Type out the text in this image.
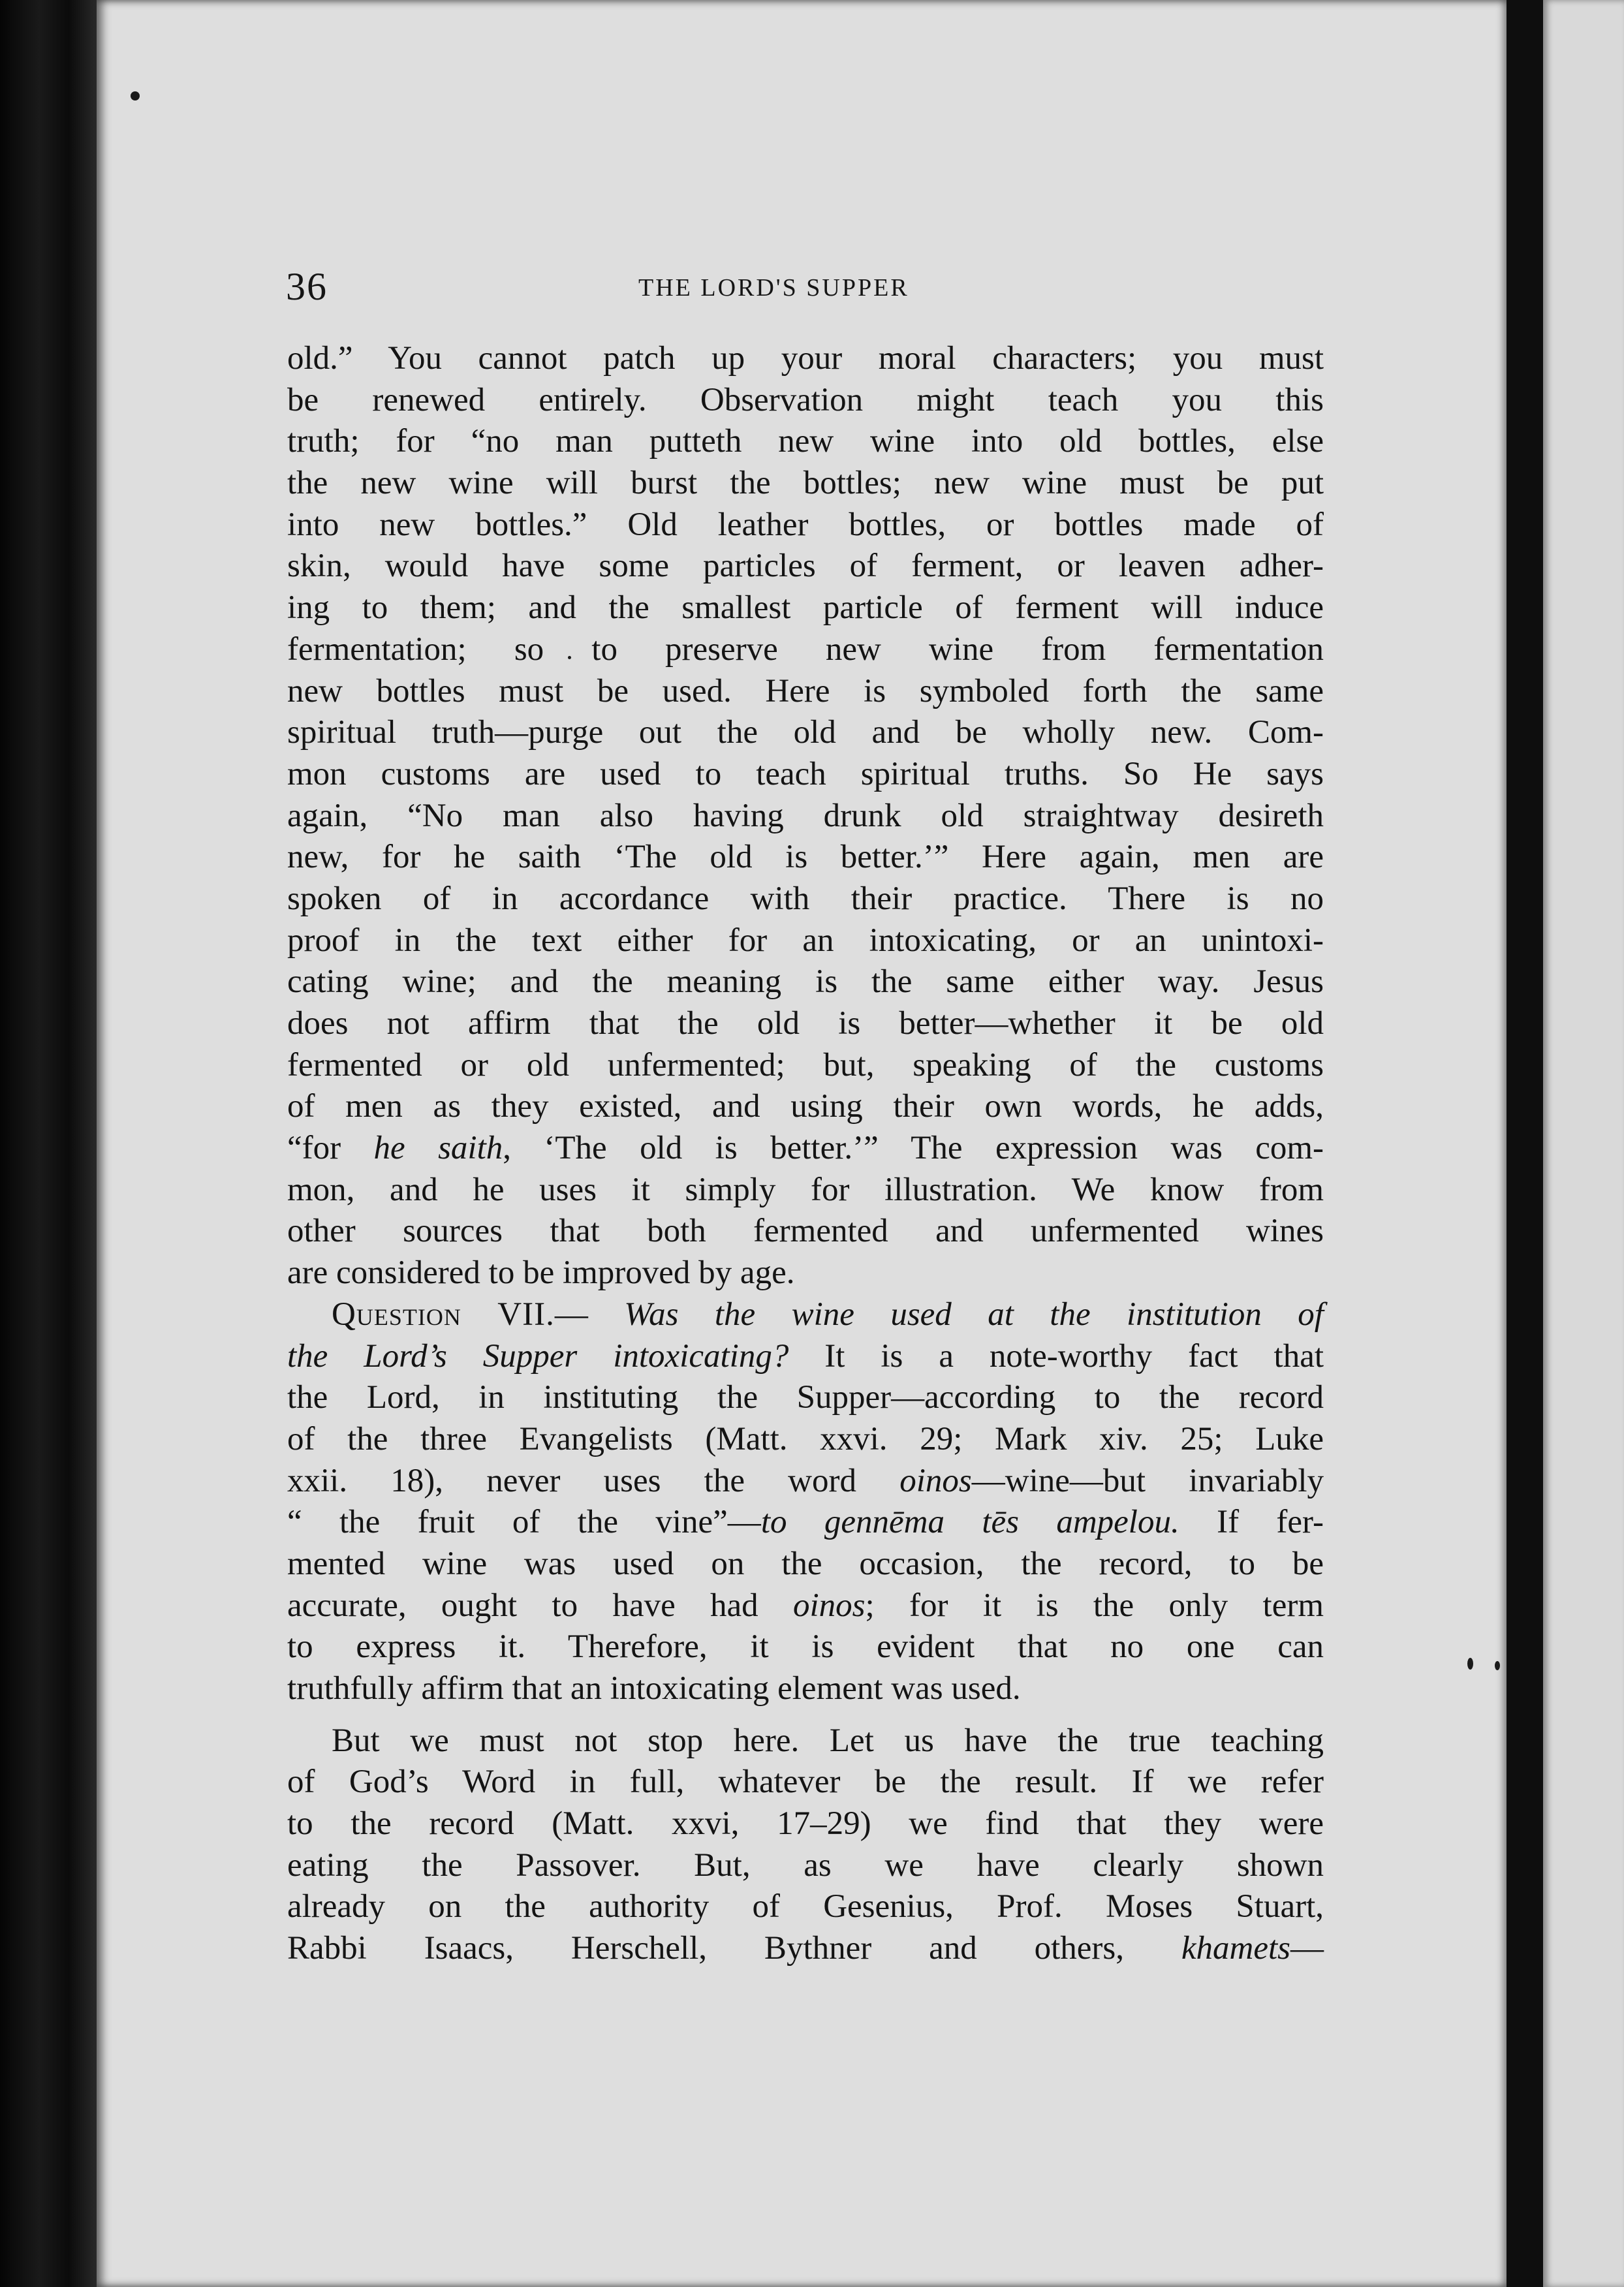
36	THE LORD'S SUPPER
old.” You cannot patch up your moral characters; you must
be renewed entirely. Observation might teach you this
truth; for “no man putteth new wine into old bottles, else
the new wine will burst the bottles; new wine must be put
into new bottles.” Old leather bottles, or bottles made of
skin, would have some particles of ferment, or leaven adher-
ing to them; and the smallest particle of ferment will induce
fermentation; so to preserve new wine from fermentation
new bottles must be used. Here is symboled forth the same
spiritual truth—purge out the old and be wholly new. Com-
mon customs are used to teach spiritual truths. So He says
again, “No man also having drunk old straightway desireth
new, for he saith ‘The old is better.’” Here again, men are
spoken of in accordance with their practice. There is no
proof in the text either for an intoxicating, or an unintoxi-
cating wine; and the meaning is the same either way. Jesus
does not affirm that the old is better—whether it be old
fermented or old unfermented; but, speaking of the customs
of men as they existed, and using their own words, he adds,
“for he saith, ‘The old is better.’” The expression was com-
mon, and he uses it simply for illustration. We know from
other sources that both fermented and unfermented wines
are considered to be improved by age.
Question VII.— Was the wine used at the institution of
the Lord’s Supper intoxicating? It is a note-worthy fact that
the Lord, in instituting the Supper—according to the record
of the three Evangelists (Matt. xxvi. 29; Mark xiv. 25; Luke
xxii. 18), never uses the word oinos—wine—but invariably
“ the fruit of the vine”—to gennēma tēs ampelou. If fer-
mented wine was used on the occasion, the record, to be
accurate, ought to have had oinos; for it is the only term
to express it. Therefore, it is evident that no one can
truthfully affirm that an intoxicating element was used.
But we must not stop here. Let us have the true teaching
of God’s Word in full, whatever be the result. If we refer
to the record (Matt. xxvi, 17–29) we find that they were
eating the Passover. But, as we have clearly shown
already on the authority of Gesenius, Prof. Moses Stuart,
Rabbi Isaacs, Herschell, Bythner and others, khamets—
